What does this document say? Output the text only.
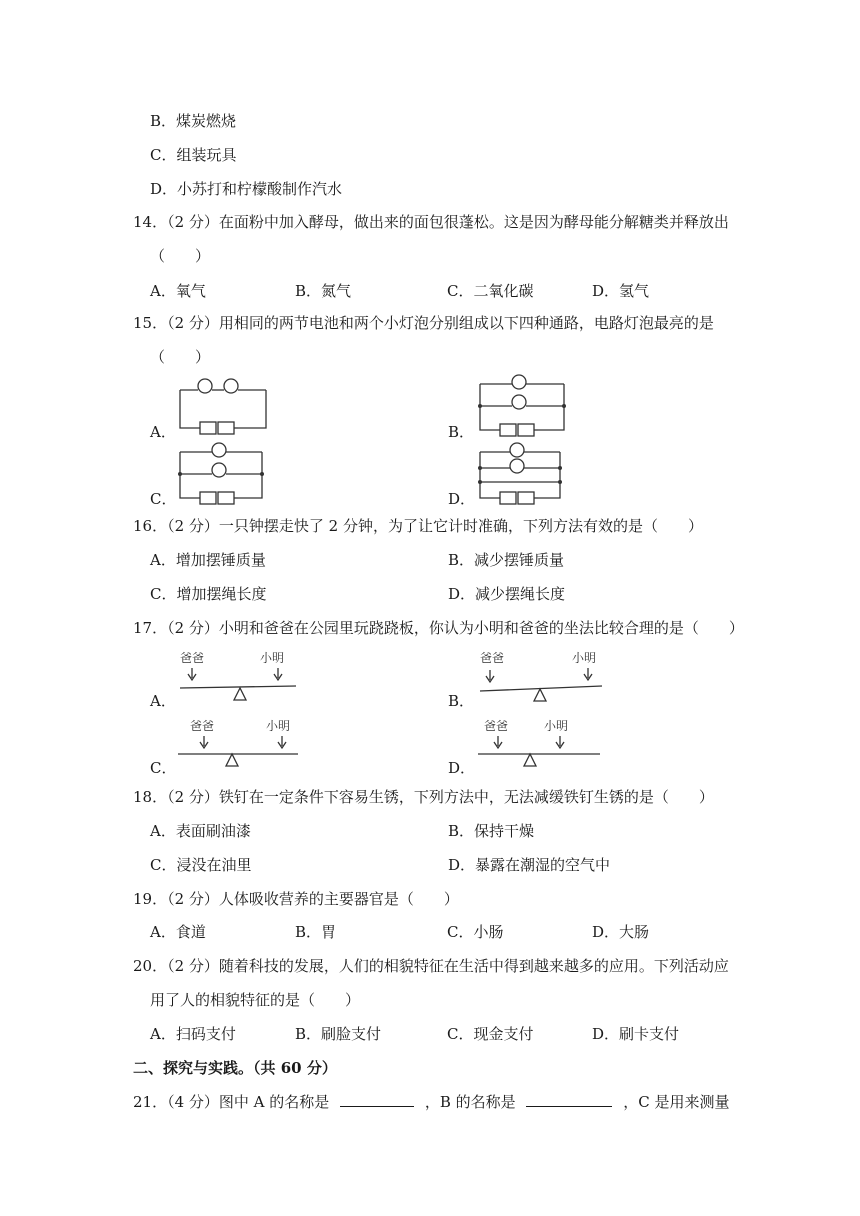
B．煤炭燃烧
C．组装玩具
D．小苏打和柠檬酸制作汽水
14．（2 分）在面粉中加入酵母，做出来的面包很蓬松。这是因为酵母能分解糖类并释放出
（　　）
A．氧气	B．氮气	C．二氧化碳	D．氢气
15．（2 分）用相同的两节电池和两个小灯泡分别组成以下四种通路，电路灯泡最亮的是
（　　）
A．	B．
C．	D．
16．（2 分）一只钟摆走快了 2 分钟，为了让它计时准确，下列方法有效的是（　　）
A．增加摆锤质量	B．减少摆锤质量
C．增加摆绳长度	D．减少摆绳长度
17．（2 分）小明和爸爸在公园里玩跷跷板，你认为小明和爸爸的坐法比较合理的是（　　）
A．
爸爸	小明
B．
爸爸	小明
C．
爸爸	小明
D．
爸爸	小明
18．（2 分）铁钉在一定条件下容易生锈，下列方法中，无法减缓铁钉生锈的是（　　）
A．表面刷油漆	B．保持干燥
C．浸没在油里	D．暴露在潮湿的空气中
19．（2 分）人体吸收营养的主要器官是（　　）
A．食道	B．胃	C．小肠	D．大肠
20．（2 分）随着科技的发展，人们的相貌特征在生活中得到越来越多的应用。下列活动应
用了人的相貌特征的是（　　）
A．扫码支付	B．刷脸支付	C．现金支付	D．刷卡支付
二、探究与实践。（共 60 分）
21．（4 分）图中 A 的名称是	，B 的名称是	，C 是用来测量
